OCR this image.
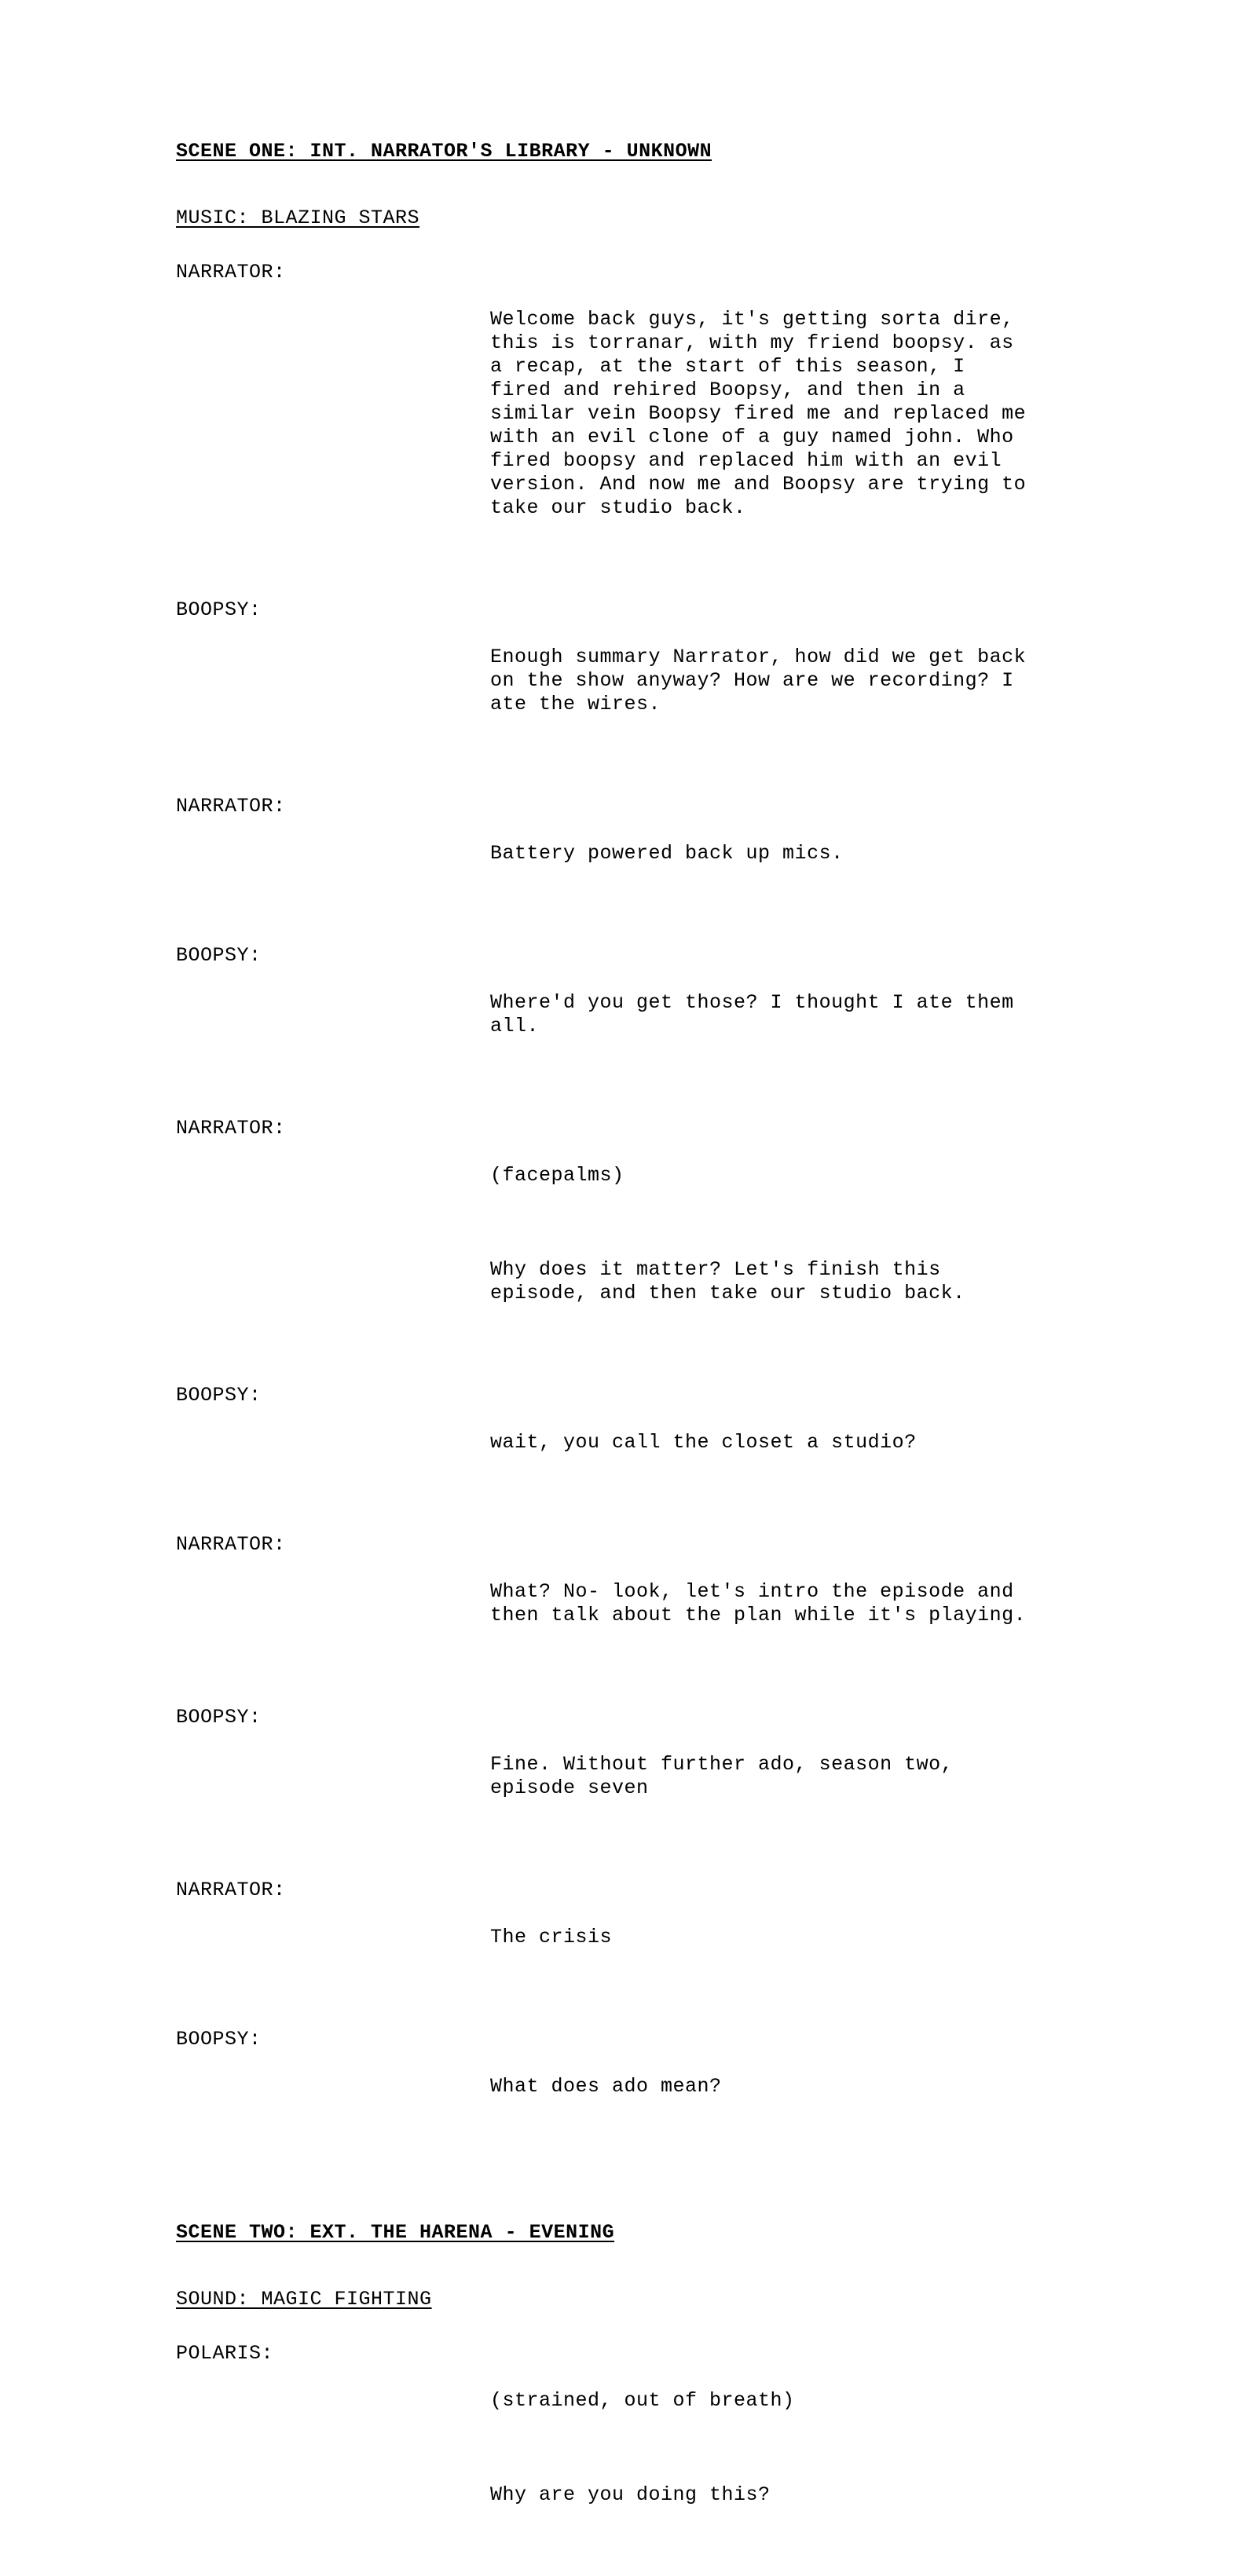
SCENE ONE: INT. NARRATOR'S LIBRARY - UNKNOWN
MUSIC: BLAZING STARS
NARRATOR:

Welcome back guys, it's getting sorta dire, this is torranar, with my friend boopsy. as a recap, at the start of this season, I fired and rehired Boopsy, and then in a similar vein Boopsy fired me and replaced me with an evil clone of a guy named john. Who fired boopsy and replaced him with an evil version. And now me and Boopsy are trying to take our studio back.

BOOPSY:

Enough summary Narrator, how did we get back on the show anyway? How are we recording? I ate the wires.

NARRATOR:

Battery powered back up mics.

BOOPSY:

Where'd you get those? I thought I ate them all.

NARRATOR:

(facepalms)

Why does it matter? Let's finish this episode, and then take our studio back.

BOOPSY:

wait, you call the closet a studio?

NARRATOR:

What? No- look, let's intro the episode and then talk about the plan while it's playing.

BOOPSY:

Fine. Without further ado, season two, episode seven

NARRATOR:

The crisis

BOOPSY:

What does ado mean?

SCENE TWO: EXT. THE HARENA - EVENING
SOUND: MAGIC FIGHTING
POLARIS:

(strained, out of breath)

Why are you doing this?
